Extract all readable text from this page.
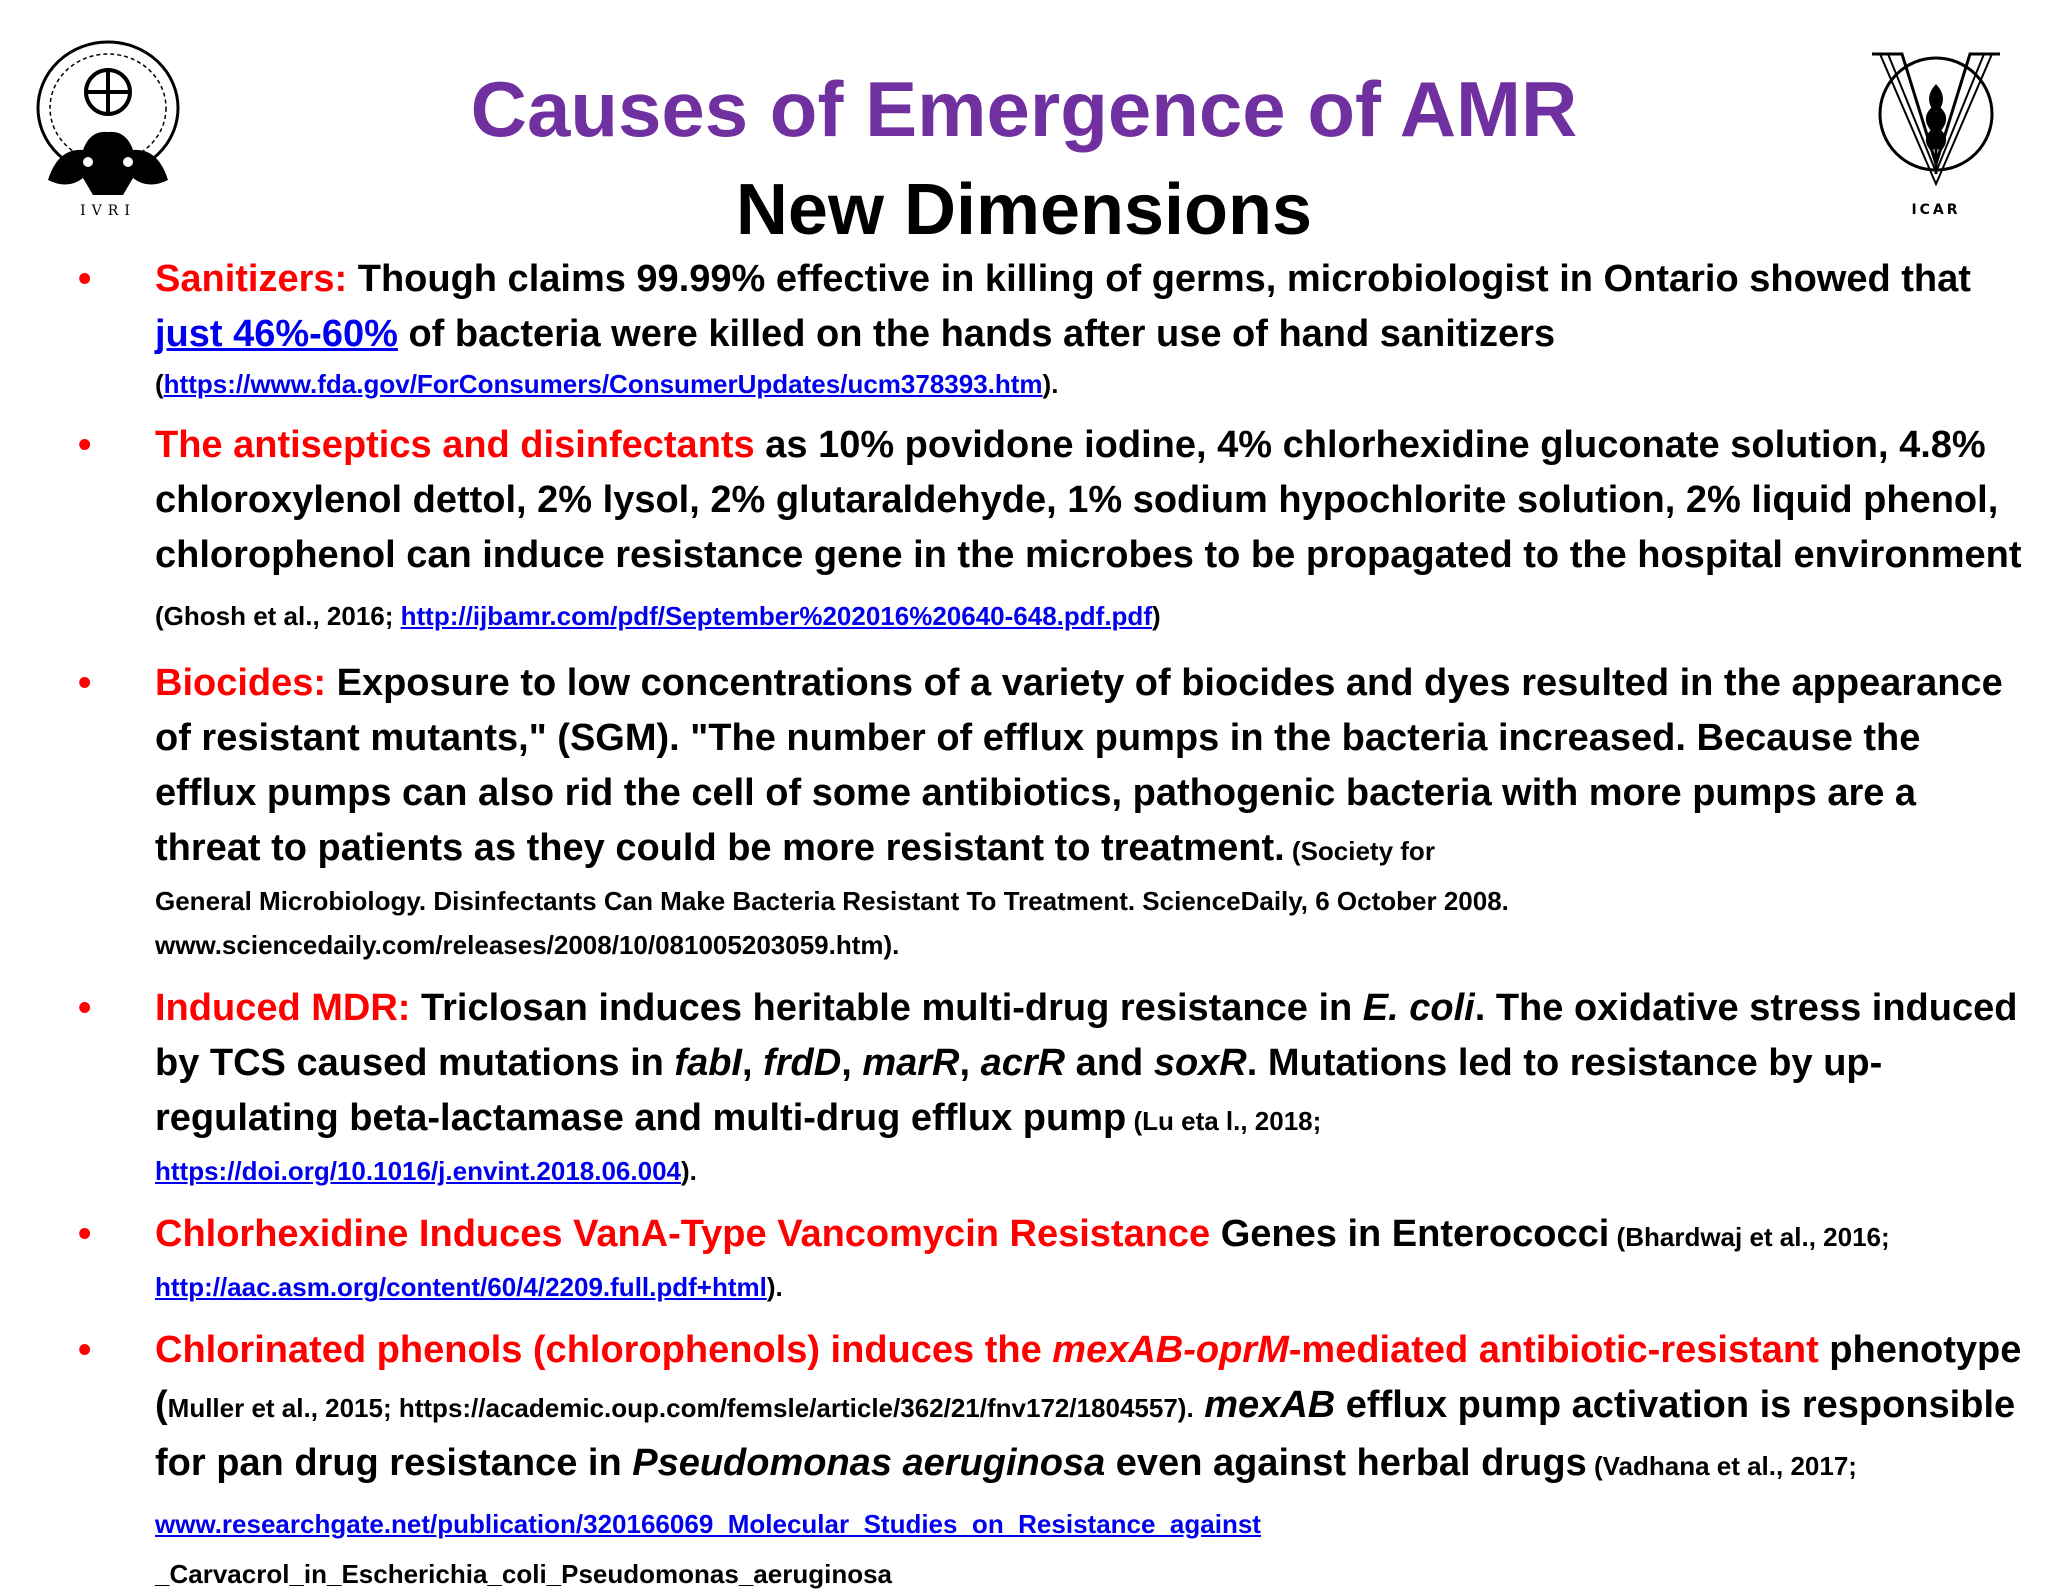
IVRI	ICAR
Causes of Emergence of AMR
New Dimensions
• Sanitizers: Though claims 99.99% effective in killing of germs, microbiologist in Ontario showed that just 46%-60% of bacteria were killed on the hands after use of hand sanitizers

(https://www.fda.gov/ForConsumers/ConsumerUpdates/ucm378393.htm).

• The antiseptics and disinfectants as 10% povidone iodine, 4% chlorhexidine gluconate solution, 4.8% chloroxylenol dettol, 2% lysol, 2% glutaraldehyde, 1% sodium hypochlorite solution, 2% liquid phenol, chlorophenol can induce resistance gene in the microbes to be propagated to the hospital environment (Ghosh et al., 2016; http://ijbamr.com/pdf/September%202016%20640-648.pdf.pdf)

• Biocides: Exposure to low concentrations of a variety of biocides and dyes resulted in the appearance of resistant mutants," (SGM). "The number of efflux pumps in the bacteria increased. Because the efflux pumps can also rid the cell of some antibiotics, pathogenic bacteria with more pumps are a threat to patients as they could be more resistant to treatment. (Society for

General Microbiology. Disinfectants Can Make Bacteria Resistant To Treatment. ScienceDaily, 6 October 2008.

www.sciencedaily.com/releases/2008/10/081005203059.htm).

• Induced MDR: Triclosan induces heritable multi-drug resistance in E. coli. The oxidative stress induced by TCS caused mutations in fabI, frdD, marR, acrR and soxR. Mutations led to resistance by up-regulating beta-lactamase and multi-drug efflux pump (Lu eta l., 2018;

https://doi.org/10.1016/j.envint.2018.06.004).

• Chlorhexidine Induces VanA-Type Vancomycin Resistance Genes in Enterococci (Bhardwaj et al., 2016;

http://aac.asm.org/content/60/4/2209.full.pdf+html).

• Chlorinated phenols (chlorophenols) induces the mexAB-oprM-mediated antibiotic-resistant phenotype (Muller et al., 2015; https://academic.oup.com/femsle/article/362/21/fnv172/1804557). mexAB efflux pump activation is responsible for pan drug resistance in Pseudomonas aeruginosa even against herbal drugs (Vadhana et al., 2017; www.researchgate.net/publication/320166069_Molecular_Studies_on_Resistance_against

_Carvacrol_in_Escherichia_coli_Pseudomonas_aeruginosa
